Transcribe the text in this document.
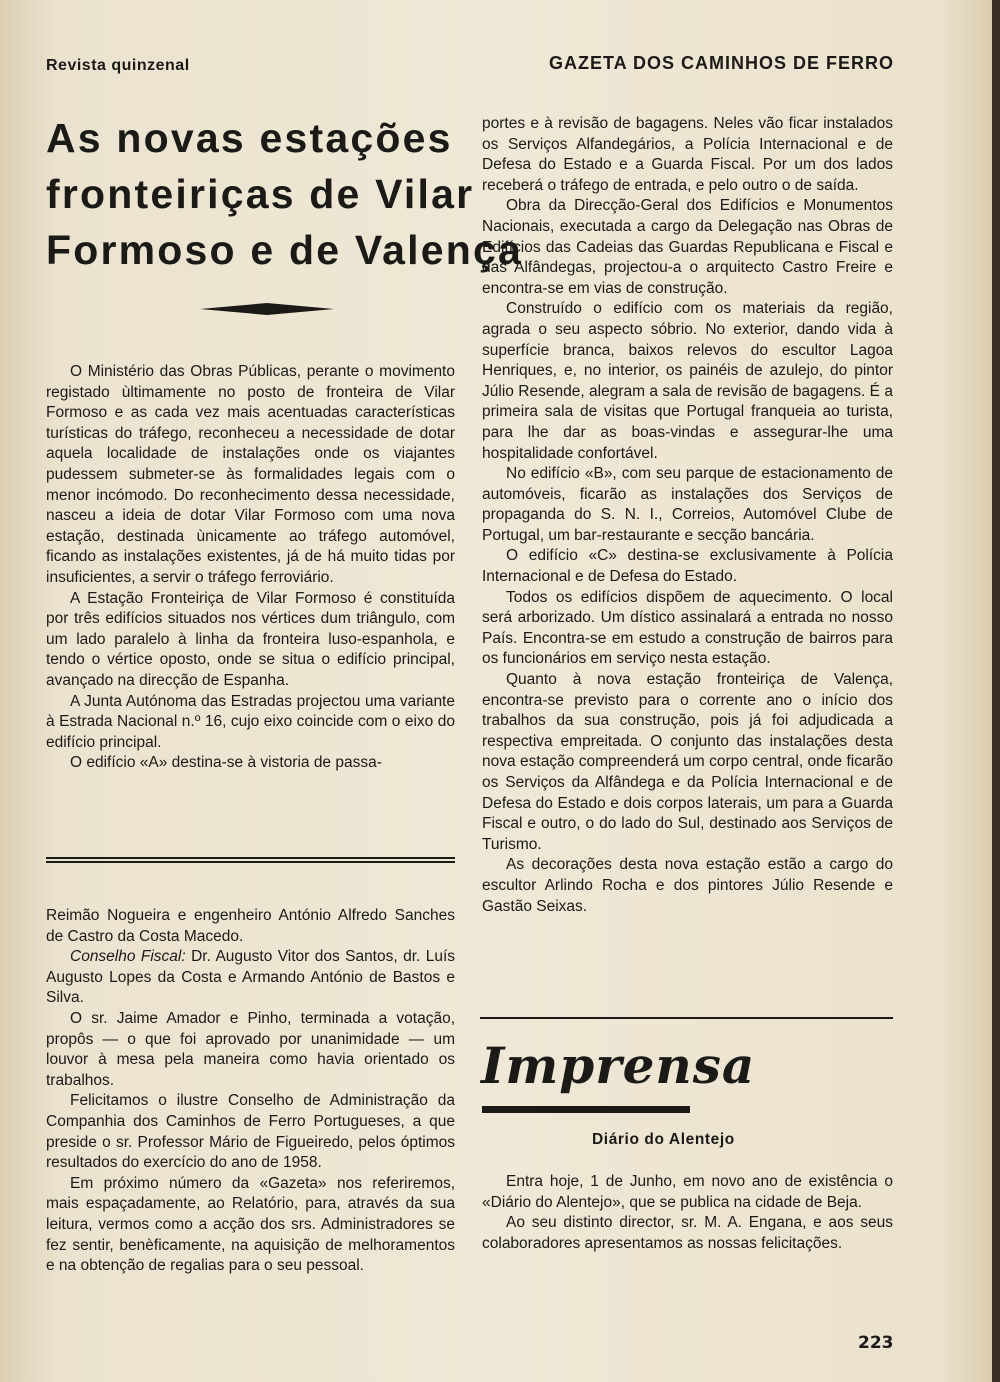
Revista quinzenal	GAZETA DOS CAMINHOS DE FERRO
As novas estações
fronteiriças de Vilar
Formoso e de Valença

O Ministério das Obras Públicas, perante o movimento registado ùltimamente no posto de fronteira de Vilar Formoso e as cada vez mais acentuadas características turísticas do tráfego, reconheceu a necessidade de dotar aquela localidade de instalações onde os viajantes pudessem submeter-se às formalidades legais com o menor incómodo. Do reconhecimento dessa necessidade, nasceu a ideia de dotar Vilar Formoso com uma nova estação, destinada ùnicamente ao tráfego automóvel, ficando as instalações existentes, já de há muito tidas por insuficientes, a servir o tráfego ferroviário.

A Estação Fronteiriça de Vilar Formoso é constituída por três edifícios situados nos vértices dum triângulo, com um lado paralelo à linha da fronteira luso-espanhola, e tendo o vértice oposto, onde se situa o edifício principal, avançado na direcção de Espanha.

A Junta Autónoma das Estradas projectou uma variante à Estrada Nacional n.º 16, cujo eixo coincide com o eixo do edifício principal.

O edifício «A» destina-se à vistoria de passa-

Reimão Nogueira e engenheiro António Alfredo Sanches de Castro da Costa Macedo.

Conselho Fiscal: Dr. Augusto Vitor dos Santos, dr. Luís Augusto Lopes da Costa e Armando António de Bastos e Silva.

O sr. Jaime Amador e Pinho, terminada a votação, propôs — o que foi aprovado por unanimidade — um louvor à mesa pela maneira como havia orientado os trabalhos.

Felicitamos o ilustre Conselho de Administração da Companhia dos Caminhos de Ferro Portugueses, a que preside o sr. Professor Mário de Figueiredo, pelos óptimos resultados do exercício do ano de 1958.

Em próximo número da «Gazeta» nos referiremos, mais espaçadamente, ao Relatório, para, através da sua leitura, vermos como a acção dos srs. Administradores se fez sentir, benèficamente, na aquisição de melhoramentos e na obtenção de regalias para o seu pessoal.

portes e à revisão de bagagens. Neles vão ficar instalados os Serviços Alfandegários, a Polícia Internacional e de Defesa do Estado e a Guarda Fiscal. Por um dos lados receberá o tráfego de entrada, e pelo outro o de saída.

Obra da Direcção-Geral dos Edifícios e Monumentos Nacionais, executada a cargo da Delegação nas Obras de Edifícios das Cadeias das Guardas Republicana e Fiscal e das Alfândegas, projectou-a o arquitecto Castro Freire e encontra-se em vias de construção.

Construído o edifício com os materiais da região, agrada o seu aspecto sóbrio. No exterior, dando vida à superfície branca, baixos relevos do escultor Lagoa Henriques, e, no interior, os painéis de azulejo, do pintor Júlio Resende, alegram a sala de revisão de bagagens. É a primeira sala de visitas que Portugal franqueia ao turista, para lhe dar as boas-vindas e assegurar-lhe uma hospitalidade confortável.

No edifício «B», com seu parque de estacionamento de automóveis, ficarão as instalações dos Serviços de propaganda do S. N. I., Correios, Automóvel Clube de Portugal, um bar-restaurante e secção bancária.

O edifício «C» destina-se exclusivamente à Polícia Internacional e de Defesa do Estado.

Todos os edifícios dispõem de aquecimento. O local será arborizado. Um dístico assinalará a entrada no nosso País. Encontra-se em estudo a construção de bairros para os funcionários em serviço nesta estação.

Quanto à nova estação fronteiriça de Valença, encontra-se previsto para o corrente ano o início dos trabalhos da sua construção, pois já foi adjudicada a respectiva empreitada. O conjunto das instalações desta nova estação compreenderá um corpo central, onde ficarão os Serviços da Alfândega e da Polícia Internacional e de Defesa do Estado e dois corpos laterais, um para a Guarda Fiscal e outro, o do lado do Sul, destinado aos Serviços de Turismo.

As decorações desta nova estação estão a cargo do escultor Arlindo Rocha e dos pintores Júlio Resende e Gastão Seixas.

Imprensa
Diário do Alentejo

Entra hoje, 1 de Junho, em novo ano de existência o «Diário do Alentejo», que se publica na cidade de Beja.

Ao seu distinto director, sr. M. A. Engana, e aos seus colaboradores apresentamos as nossas felicitações.

223
